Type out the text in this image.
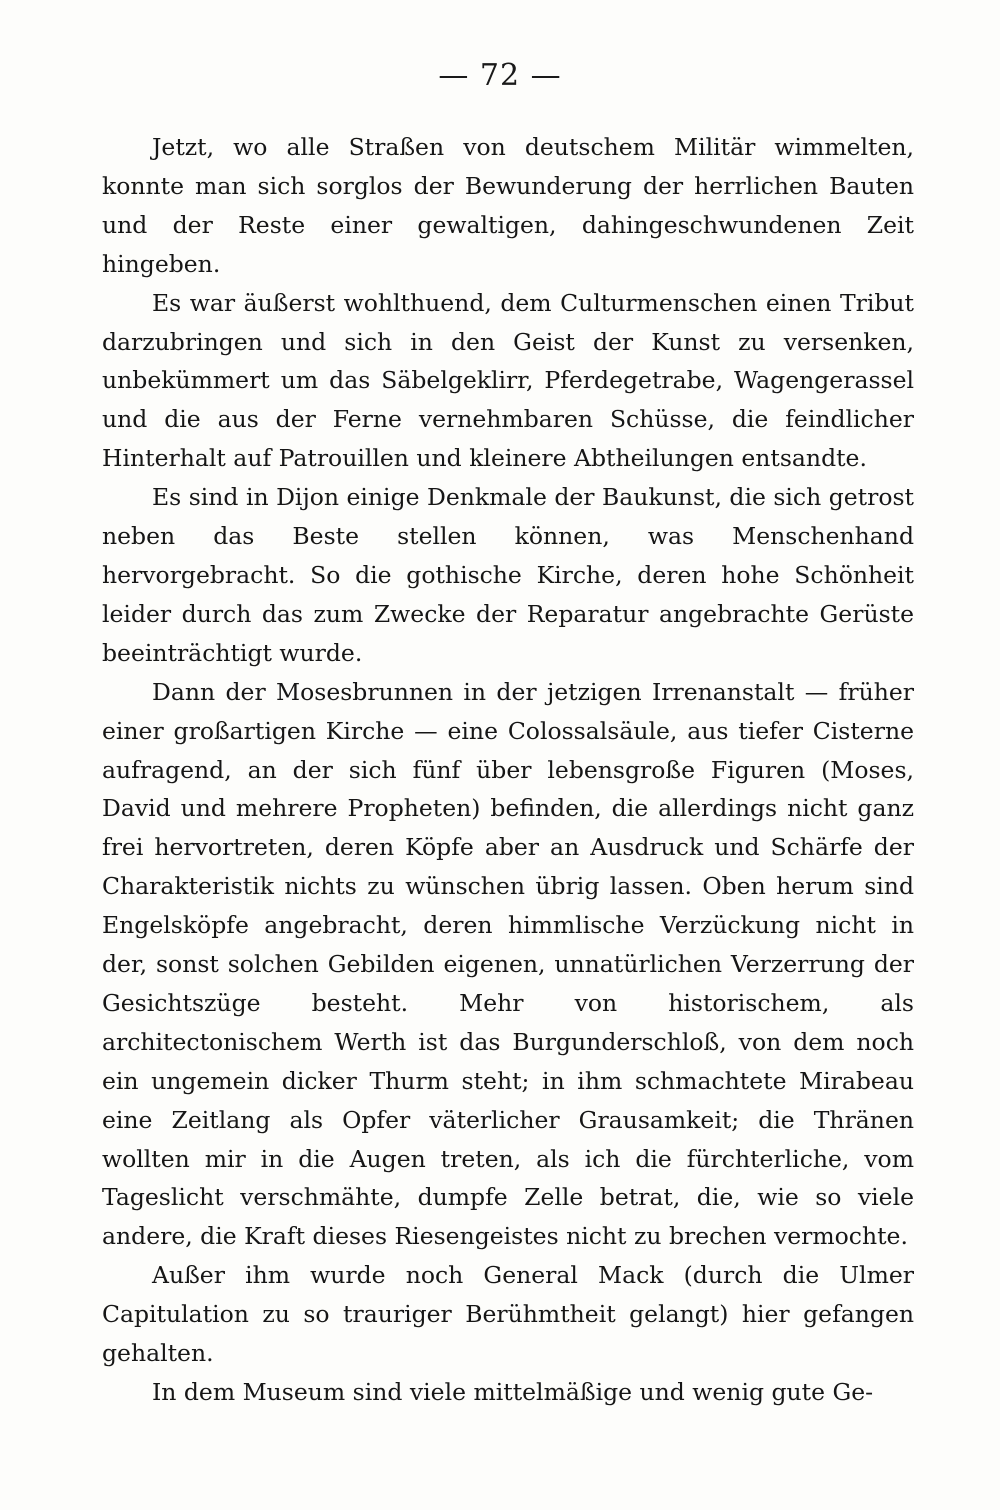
— 72 —

Jetzt, wo alle Straßen von deutschem Militär wimmelten, konnte man sich sorglos der Bewunderung der herrlichen Bauten und der Reste einer gewaltigen, dahingeschwundenen Zeit hingeben.

Es war äußerst wohlthuend, dem Culturmenschen einen Tribut darzubringen und sich in den Geist der Kunst zu versenken, unbekümmert um das Säbelgeklirr, Pferdegetrabe, Wagengerassel und die aus der Ferne vernehmbaren Schüsse, die feindlicher Hinterhalt auf Patrouillen und kleinere Abtheilungen entsandte.

Es sind in Dijon einige Denkmale der Baukunst, die sich getrost neben das Beste stellen können, was Menschenhand hervorgebracht. So die gothische Kirche, deren hohe Schönheit leider durch das zum Zwecke der Reparatur angebrachte Gerüste beeinträchtigt wurde.

Dann der Mosesbrunnen in der jetzigen Irrenanstalt — früher einer großartigen Kirche — eine Colossalsäule, aus tiefer Cisterne aufragend, an der sich fünf über lebensgroße Figuren (Moses, David und mehrere Propheten) befinden, die allerdings nicht ganz frei hervortreten, deren Köpfe aber an Ausdruck und Schärfe der Charakteristik nichts zu wünschen übrig lassen. Oben herum sind Engelsköpfe angebracht, deren himmlische Verzückung nicht in der, sonst solchen Gebilden eigenen, unnatürlichen Verzerrung der Gesichtszüge besteht. Mehr von historischem, als architectonischem Werth ist das Burgunderschloß, von dem noch ein ungemein dicker Thurm steht; in ihm schmachtete Mirabeau eine Zeitlang als Opfer väterlicher Grausamkeit; die Thränen wollten mir in die Augen treten, als ich die fürchterliche, vom Tageslicht verschmähte, dumpfe Zelle betrat, die, wie so viele andere, die Kraft dieses Riesengeistes nicht zu brechen vermochte.

Außer ihm wurde noch General Mack (durch die Ulmer Capitulation zu so trauriger Berühmtheit gelangt) hier gefangen gehalten.

In dem Museum sind viele mittelmäßige und wenig gute Ge-
